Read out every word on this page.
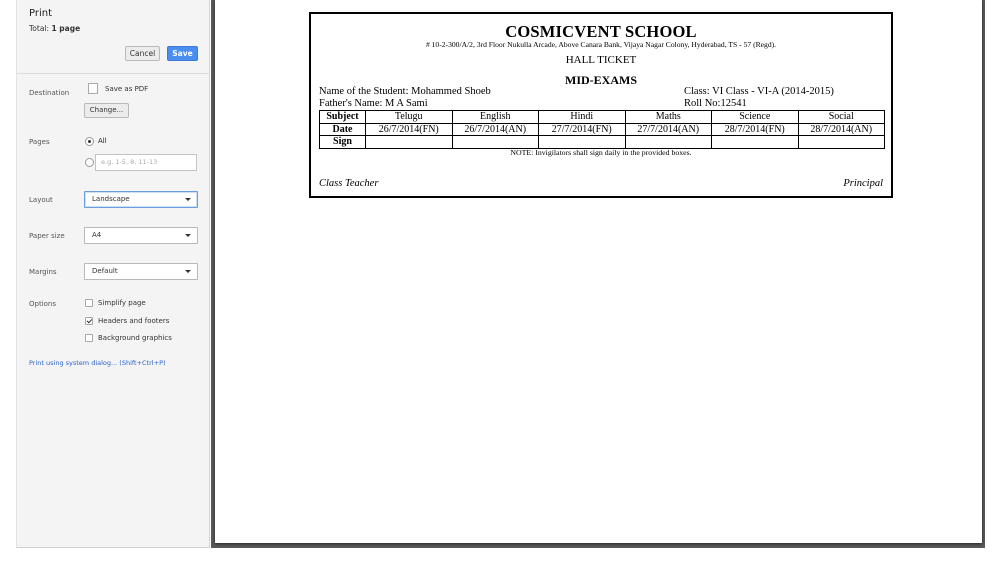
Print
Total: 1 page
Cancel	Save
Destination	Save as PDF
Change...
Pages	All
e.g. 1-5, 8, 11-13
Layout	Landscape
Paper size	A4
Margins	Default
Options	Simplify page
Headers and footers
Background graphics
Print using system dialog... (Shift+Ctrl+P)
COSMICVENT SCHOOL
# 10-2-300/A/2, 3rd Floor Nukulla Arcade, Above Canara Bank, Vijaya Nagar Colony, Hyderabad, TS - 57 (Regd).
HALL TICKET
MID-EXAMS
Name of the Student: Mohammed Shoeb	Class: VI Class - VI-A (2014-2015)
Father's Name: M A Sami	Roll No:12541
Subject	Telugu	English	Hindi	Maths	Science	Social
Date	26/7/2014(FN)	26/7/2014(AN)	27/7/2014(FN)	27/7/2014(AN)	28/7/2014(FN)	28/7/2014(AN)
Sign						
NOTE: Invigilators shall sign daily in the provided boxes.
Class Teacher	Principal
